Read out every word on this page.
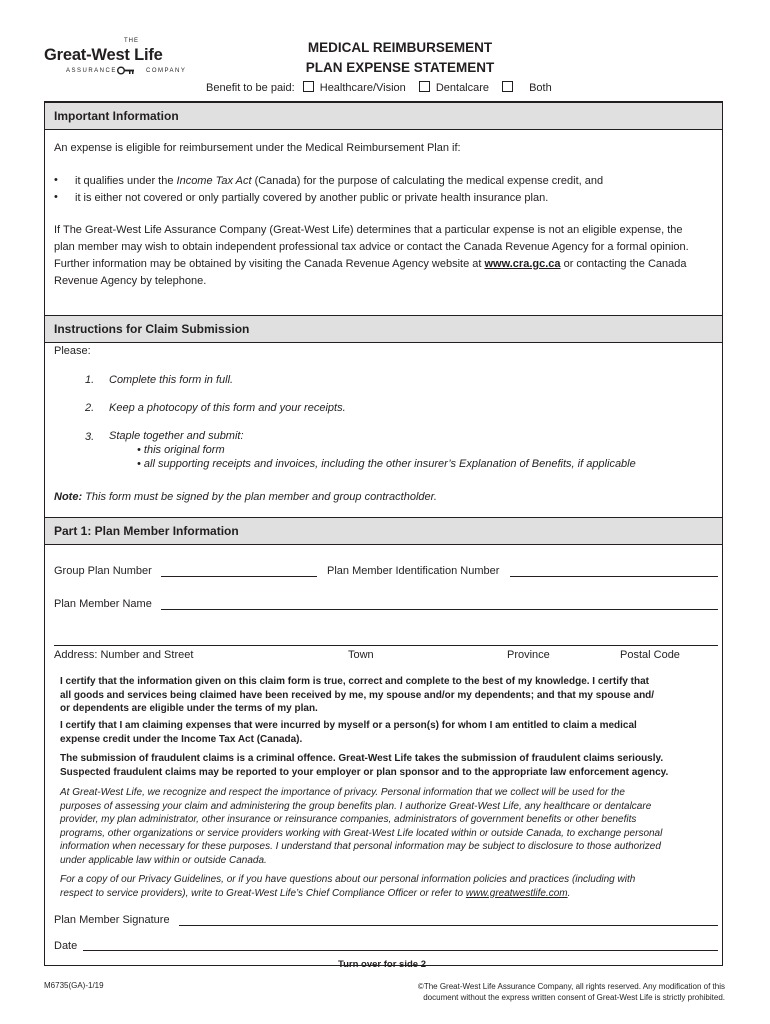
THE
Great-West Life
ASSURANCE	COMPANY
MEDICAL REIMBURSEMENT
PLAN EXPENSE STATEMENT
Benefit to be paid: Healthcare/Vision	Dentalcare	Both
Important Information
An expense is eligible for reimbursement under the Medical Reimbursement Plan if:
• it qualifies under the Income Tax Act (Canada) for the purpose of calculating the medical expense credit, and
• it is either not covered or only partially covered by another public or private health insurance plan.
If The Great-West Life Assurance Company (Great-West Life) determines that a particular expense is not an eligible expense, the
plan member may wish to obtain independent professional tax advice or contact the Canada Revenue Agency for a formal opinion.
Further information may be obtained by visiting the Canada Revenue Agency website at www.cra.gc.ca or contacting the Canada
Revenue Agency by telephone.
Instructions for Claim Submission
Please:
1. Complete this form in full.
2. Keep a photocopy of this form and your receipts.
3. Staple together and submit:
• this original form
• all supporting receipts and invoices, including the other insurer’s Explanation of Benefits, if applicable
Note: This form must be signed by the plan member and group contractholder.
Part 1: Plan Member Information
Group Plan Number	Plan Member Identification Number
Plan Member Name
Address: Number and Street	Town	Province	Postal Code
I certify that the information given on this claim form is true, correct and complete to the best of my knowledge. I certify that
all goods and services being claimed have been received by me, my spouse and/or my dependents; and that my spouse and/
or dependents are eligible under the terms of my plan.
I certify that I am claiming expenses that were incurred by myself or a person(s) for whom I am entitled to claim a medical
expense credit under the Income Tax Act (Canada).
The submission of fraudulent claims is a criminal offence. Great-West Life takes the submission of fraudulent claims seriously.
Suspected fraudulent claims may be reported to your employer or plan sponsor and to the appropriate law enforcement agency.
At Great-West Life, we recognize and respect the importance of privacy. Personal information that we collect will be used for the
purposes of assessing your claim and administering the group benefits plan. I authorize Great-West Life, any healthcare or dentalcare
provider, my plan administrator, other insurance or reinsurance companies, administrators of government benefits or other benefits
programs, other organizations or service providers working with Great-West Life located within or outside Canada, to exchange personal
information when necessary for these purposes. I understand that personal information may be subject to disclosure to those authorized
under applicable law within or outside Canada.
For a copy of our Privacy Guidelines, or if you have questions about our personal information policies and practices (including with
respect to service providers), write to Great-West Life’s Chief Compliance Officer or refer to www.greatwestlife.com.
Plan Member Signature
Date
Turn over for side 2
M6735(GA)-1/19	©The Great-West Life Assurance Company, all rights reserved. Any modification of this
document without the express written consent of Great-West Life is strictly prohibited.
